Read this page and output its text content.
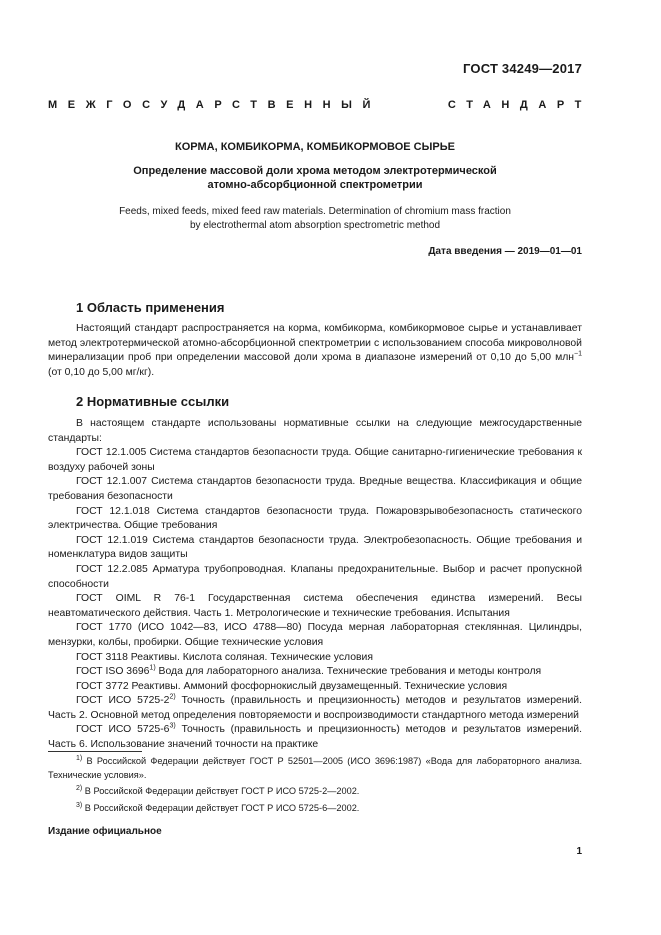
ГОСТ 34249—2017
МЕЖГОСУДАРСТВЕННЫЙ	СТАНДАРТ
КОРМА, КОМБИКОРМА, КОМБИКОРМОВОЕ СЫРЬЕ
Определение массовой доли хрома методом электротермической
атомно-абсорбционной спектрометрии
Feeds, mixed feeds, mixed feed raw materials. Determination of chromium mass fraction
by electrothermal atom absorption spectrometric method
Дата введения — 2019—01—01
1 Область применения

Настоящий стандарт распространяется на корма, комбикорма, комбикормовое сырье и устанавливает метод электротермической атомно-абсорбционной спектрометрии с использованием способа микроволновой минерализации проб при определении массовой доли хрома в диапазоне измерений от 0,10 до 5,00 млн$^{-1}$ (от 0,10 до 5,00 мг/кг).

2 Нормативные ссылки

В настоящем стандарте использованы нормативные ссылки на следующие межгосударственные стандарты:

ГОСТ 12.1.005 Система стандартов безопасности труда. Общие санитарно-гигиенические требования к воздуху рабочей зоны

ГОСТ 12.1.007 Система стандартов безопасности труда. Вредные вещества. Классификация и общие требования безопасности

ГОСТ 12.1.018 Система стандартов безопасности труда. Пожаровзрывобезопасность статического электричества. Общие требования

ГОСТ 12.1.019 Система стандартов безопасности труда. Электробезопасность. Общие требования и номенклатура видов защиты

ГОСТ 12.2.085 Арматура трубопроводная. Клапаны предохранительные. Выбор и расчет пропускной способности

ГОСТ OIML R 76-1 Государственная система обеспечения единства измерений. Весы неавтоматического действия. Часть 1. Метрологические и технические требования. Испытания

ГОСТ 1770 (ИСО 1042—83, ИСО 4788—80) Посуда мерная лабораторная стеклянная. Цилиндры, мензурки, колбы, пробирки. Общие технические условия

ГОСТ 3118 Реактивы. Кислота соляная. Технические условия

ГОСТ ISO 3696$^{1)}$ Вода для лабораторного анализа. Технические требования и методы контроля

ГОСТ 3772 Реактивы. Аммоний фосфорнокислый двузамещенный. Технические условия

ГОСТ ИСО 5725-2$^{2)}$ Точность (правильность и прецизионность) методов и результатов измерений. Часть 2. Основной метод определения повторяемости и воспроизводимости стандартного метода измерений

ГОСТ ИСО 5725-6$^{3)}$ Точность (правильность и прецизионность) методов и результатов измерений. Часть 6. Использование значений точности на практике

$^{1)}$ В Российской Федерации действует ГОСТ Р 52501—2005 (ИСО 3696:1987) «Вода для лабораторного анализа. Технические условия».

$^{2)}$ В Российской Федерации действует ГОСТ Р ИСО 5725-2—2002.

$^{3)}$ В Российской Федерации действует ГОСТ Р ИСО 5725-6—2002.

Издание официальное
1
